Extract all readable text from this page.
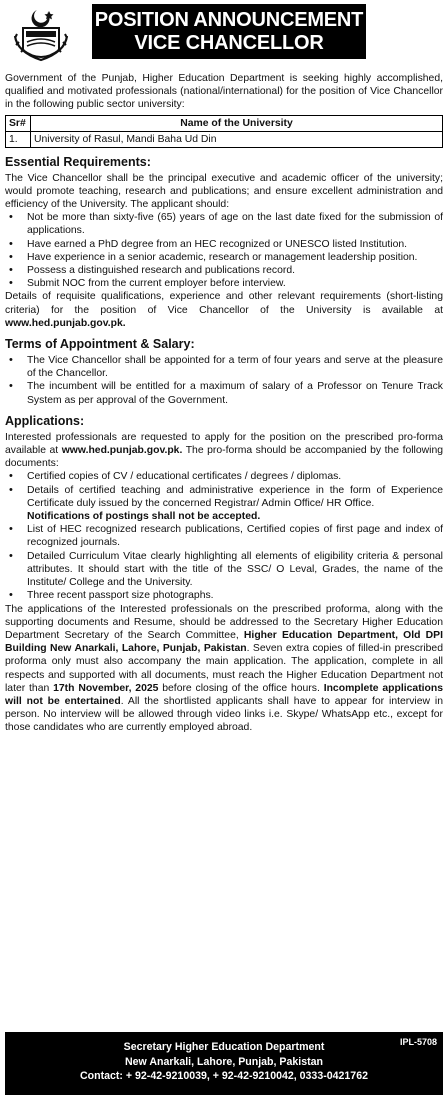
POSITION ANNOUNCEMENT
VICE CHANCELLOR

Government of the Punjab, Higher Education Department is seeking highly accomplished, qualified and motivated professionals (national/international) for the position of Vice Chancellor in the following public sector university:

Sr#	Name of the University
1.	University of Rasul, Mandi Baha Ud Din
Essential Requirements:

The Vice Chancellor shall be the principal executive and academic officer of the university; would promote teaching, research and publications; and ensure excellent administration and efficiency of the University. The applicant should:

• Not be more than sixty-five (65) years of age on the last date fixed for the submission of applications.
• Have earned a PhD degree from an HEC recognized or UNESCO listed Institution.
• Have experience in a senior academic, research or management leadership position.
• Possess a distinguished research and publications record.
• Submit NOC from the current employer before interview.

Details of requisite qualifications, experience and other relevant requirements (short-listing criteria) for the position of Vice Chancellor of the University is available at www.hed.punjab.gov.pk.

Terms of Appointment & Salary:
• The Vice Chancellor shall be appointed for a term of four years and serve at the pleasure of the Chancellor.
• The incumbent will be entitled for a maximum of salary of a Professor on Tenure Track System as per approval of the Government.
Applications:

Interested professionals are requested to apply for the position on the prescribed pro-forma available at www.hed.punjab.gov.pk. The pro-forma should be accompanied by the following documents:

• Certified copies of CV / educational certificates / degrees / diplomas.
• Details of certified teaching and administrative experience in the form of Experience Certificate duly issued by the concerned Registrar/ Admin Office/ HR Office.
Notifications of postings shall not be accepted.
• List of HEC recognized research publications, Certified copies of first page and index of recognized journals.
• Detailed Curriculum Vitae clearly highlighting all elements of eligibility criteria & personal attributes. It should start with the title of the SSC/ O Leval, Grades, the name of the Institute/ College and the University.
• Three recent passport size photographs.

The applications of the Interested professionals on the prescribed proforma, along with the supporting documents and Resume, should be addressed to the Secretary Higher Education Department Secretary of the Search Committee, Higher Education Department, Old DPI Building New Anarkali, Lahore, Punjab, Pakistan. Seven extra copies of filled-in prescribed proforma only must also accompany the main application. The application, complete in all respects and supported with all documents, must reach the Higher Education Department not later than 17th November, 2025 before closing of the office hours. Incomplete applications will not be entertained. All the shortlisted applicants shall have to appear for interview in person. No interview will be allowed through video links i.e. Skype/ WhatsApp etc., except for those candidates who are currently employed abroad.

IPL-5708
Secretary Higher Education Department
New Anarkali, Lahore, Punjab, Pakistan
Contact: + 92-42-9210039, + 92-42-9210042, 0333-0421762
